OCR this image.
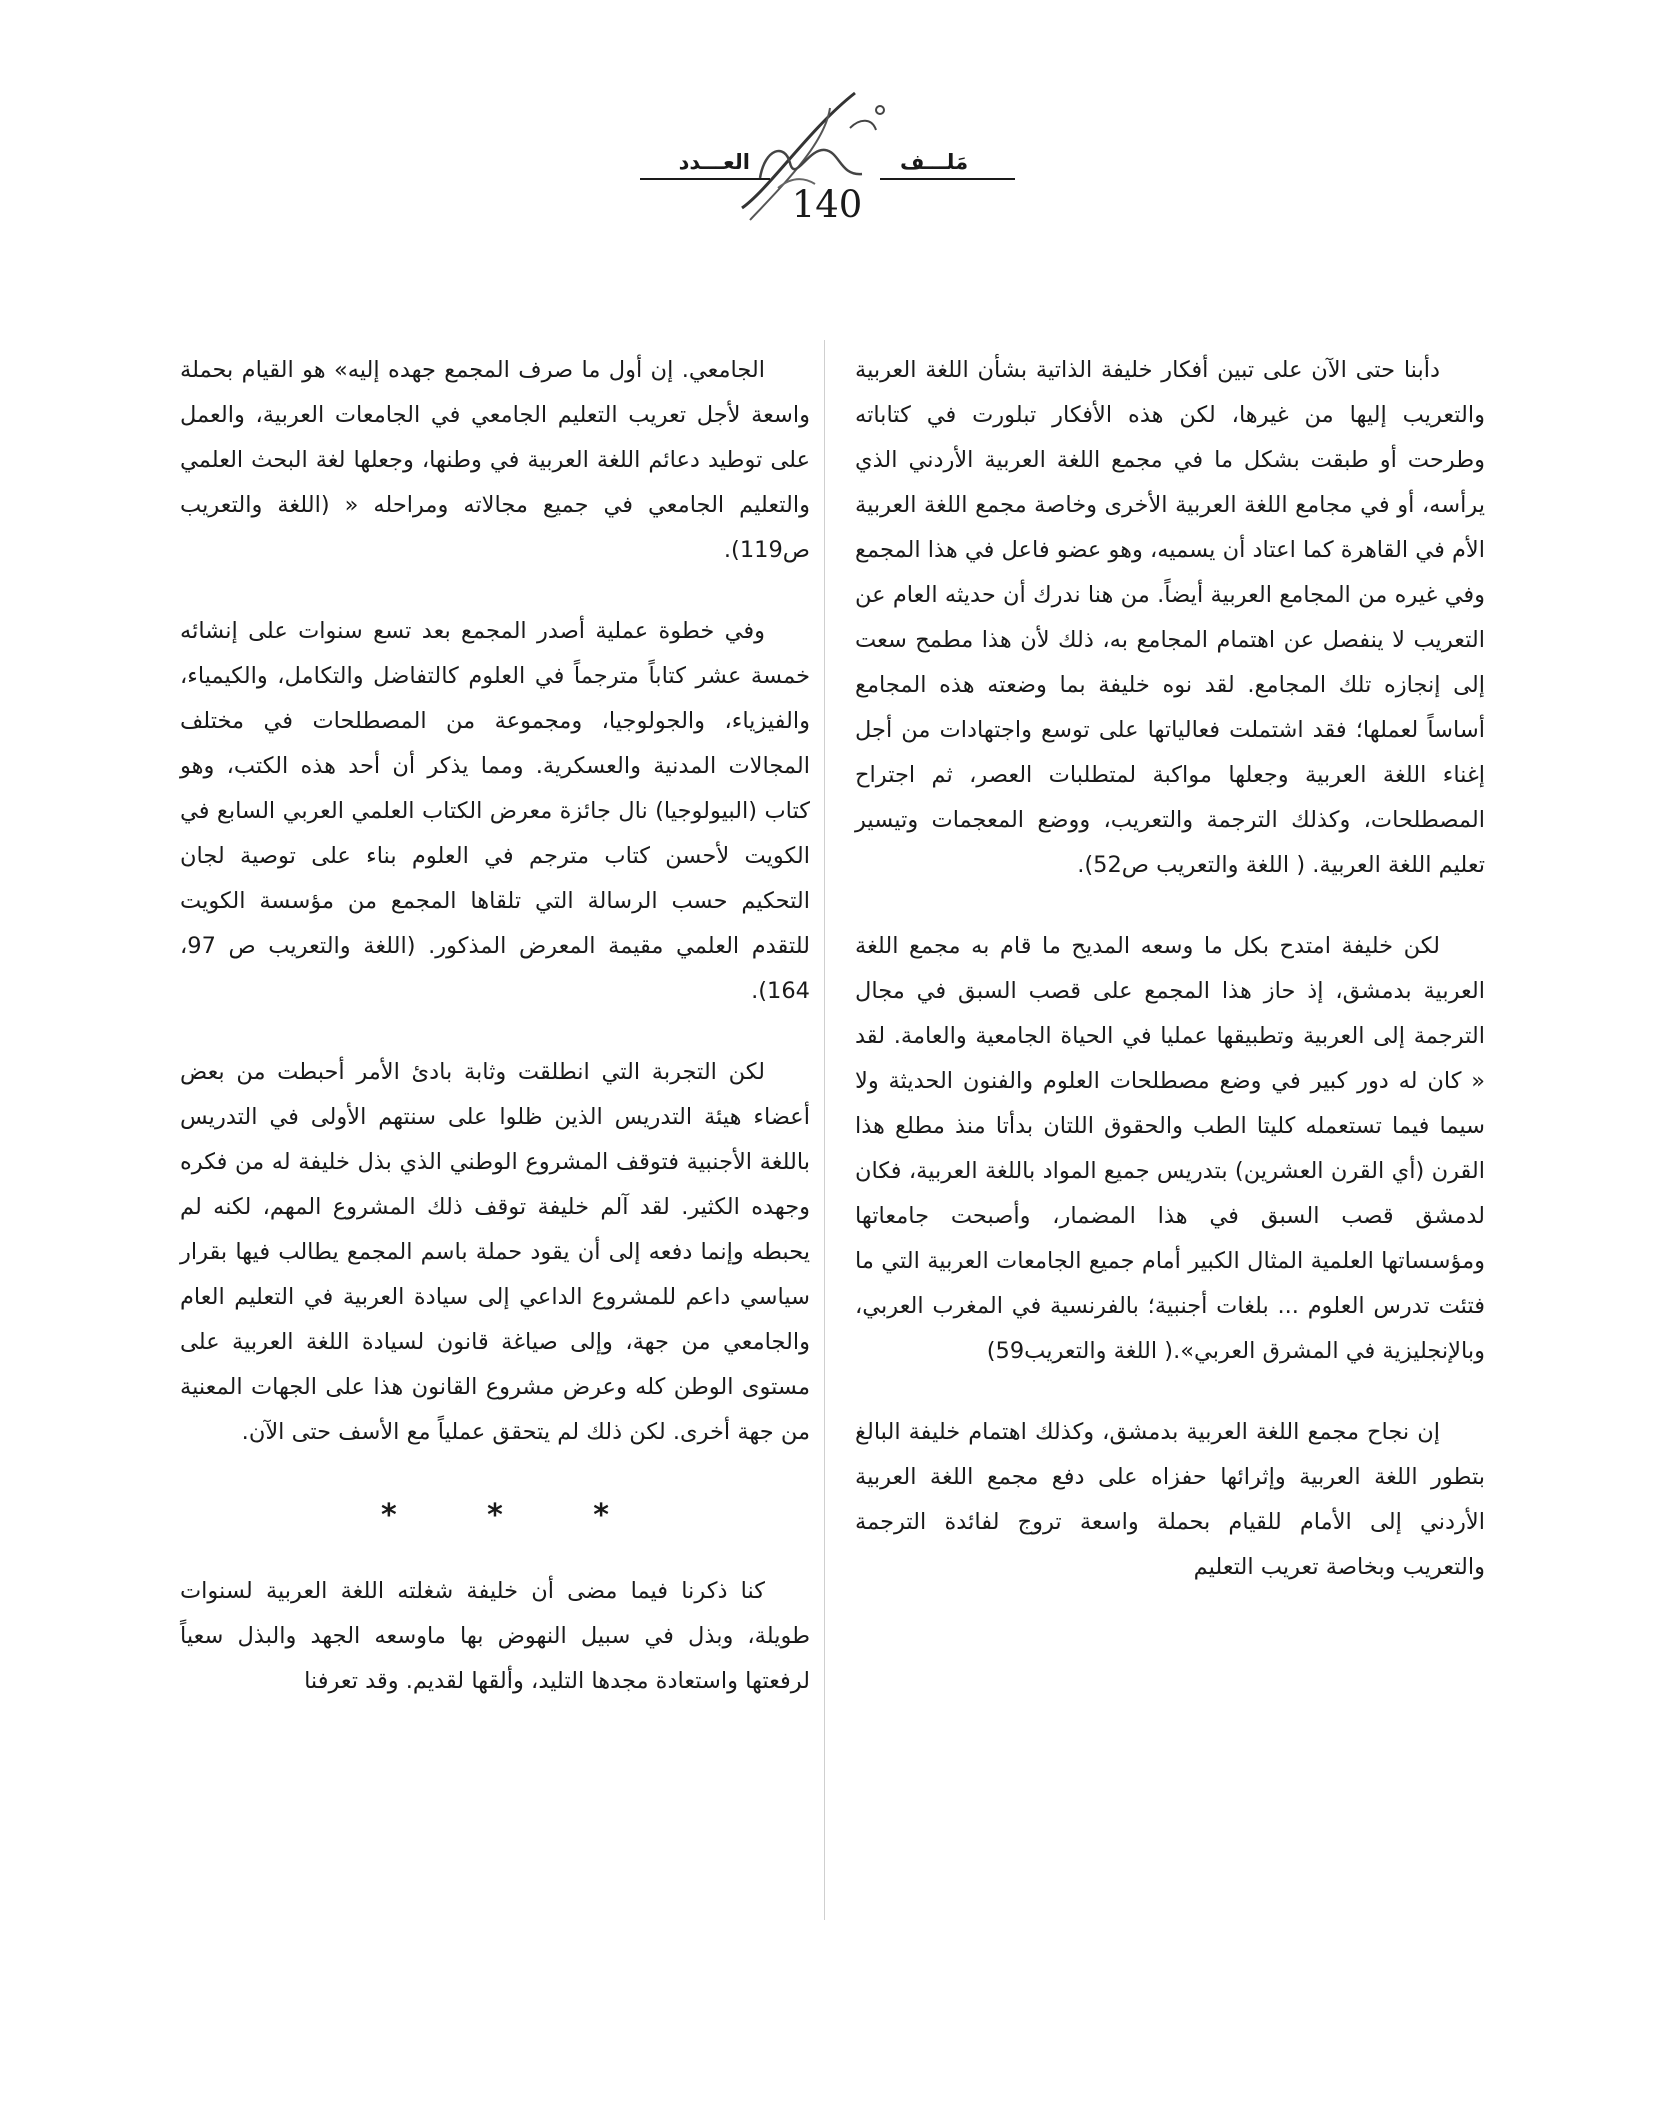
أفكار
العـــدد	مَلـــف
140

دأبنا حتى الآن على تبين أفكار خليفة الذاتية بشأن اللغة العربية والتعريب إليها من غيرها، لكن هذه الأفكار تبلورت في كتاباته وطرحت أو طبقت بشكل ما في مجمع اللغة العربية الأردني الذي يرأسه، أو في مجامع اللغة العربية الأخرى وخاصة مجمع اللغة العربية الأم في القاهرة كما اعتاد أن يسميه، وهو عضو فاعل في هذا المجمع وفي غيره من المجامع العربية أيضاً. من هنا ندرك أن حديثه العام عن التعريب لا ينفصل عن اهتمام المجامع به، ذلك لأن هذا مطمح سعت إلى إنجازه تلك المجامع. لقد نوه خليفة بما وضعته هذه المجامع أساساً لعملها؛ فقد اشتملت فعالياتها على توسع واجتهادات من أجل إغناء اللغة العربية وجعلها مواكبة لمتطلبات العصر، ثم اجتراح المصطلحات، وكذلك الترجمة والتعريب، ووضع المعجمات وتيسير تعليم اللغة العربية. ( اللغة والتعريب ص52).

لكن خليفة امتدح بكل ما وسعه المديح ما قام به مجمع اللغة العربية بدمشق، إذ حاز هذا المجمع على قصب السبق في مجال الترجمة إلى العربية وتطبيقها عمليا في الحياة الجامعية والعامة. لقد « كان له دور كبير في وضع مصطلحات العلوم والفنون الحديثة ولا سيما فيما تستعمله كليتا الطب والحقوق اللتان بدأتا منذ مطلع هذا القرن (أي القرن العشرين) بتدريس جميع المواد باللغة العربية، فكان لدمشق قصب السبق في هذا المضمار، وأصبحت جامعاتها ومؤسساتها العلمية المثال الكبير أمام جميع الجامعات العربية التي ما فتئت تدرس العلوم ... بلغات أجنبية؛ بالفرنسية في المغرب العربي، وبالإنجليزية في المشرق العربي».( اللغة والتعريب59)

إن نجاح مجمع اللغة العربية بدمشق، وكذلك اهتمام خليفة البالغ بتطور اللغة العربية وإثرائها حفزاه على دفع مجمع اللغة العربية الأردني إلى الأمام للقيام بحملة واسعة تروج لفائدة الترجمة والتعريب وبخاصة تعريب التعليم

الجامعي. إن أول ما صرف المجمع جهده إليه» هو القيام بحملة واسعة لأجل تعريب التعليم الجامعي في الجامعات العربية، والعمل على توطيد دعائم اللغة العربية في وطنها، وجعلها لغة البحث العلمي والتعليم الجامعي في جميع مجالاته ومراحله « (اللغة والتعريب ص119).

وفي خطوة عملية أصدر المجمع بعد تسع سنوات على إنشائه خمسة عشر كتاباً مترجماً في العلوم كالتفاضل والتكامل، والكيمياء، والفيزياء، والجولوجيا، ومجموعة من المصطلحات في مختلف المجالات المدنية والعسكرية. ومما يذكر أن أحد هذه الكتب، وهو كتاب (البيولوجيا) نال جائزة معرض الكتاب العلمي العربي السابع في الكويت لأحسن كتاب مترجم في العلوم بناء على توصية لجان التحكيم حسب الرسالة التي تلقاها المجمع من مؤسسة الكويت للتقدم العلمي مقيمة المعرض المذكور. (اللغة والتعريب ص 97، 164).

لكن التجربة التي انطلقت وثابة بادئ الأمر أحبطت من بعض أعضاء هيئة التدريس الذين ظلوا على سنتهم الأولى في التدريس باللغة الأجنبية فتوقف المشروع الوطني الذي بذل خليفة له من فكره وجهده الكثير. لقد آلم خليفة توقف ذلك المشروع المهم، لكنه لم يحبطه وإنما دفعه إلى أن يقود حملة باسم المجمع يطالب فيها بقرار سياسي داعم للمشروع الداعي إلى سيادة العربية في التعليم العام والجامعي من جهة، وإلى صياغة قانون لسيادة اللغة العربية على مستوى الوطن كله وعرض مشروع القانون هذا على الجهات المعنية من جهة أخرى. لكن ذلك لم يتحقق عملياً مع الأسف حتى الآن.

*	*	*

كنا ذكرنا فيما مضى أن خليفة شغلته اللغة العربية لسنوات طويلة، وبذل في سبيل النهوض بها ماوسعه الجهد والبذل سعياً لرفعتها واستعادة مجدها التليد، وألقها لقديم. وقد تعرفنا
